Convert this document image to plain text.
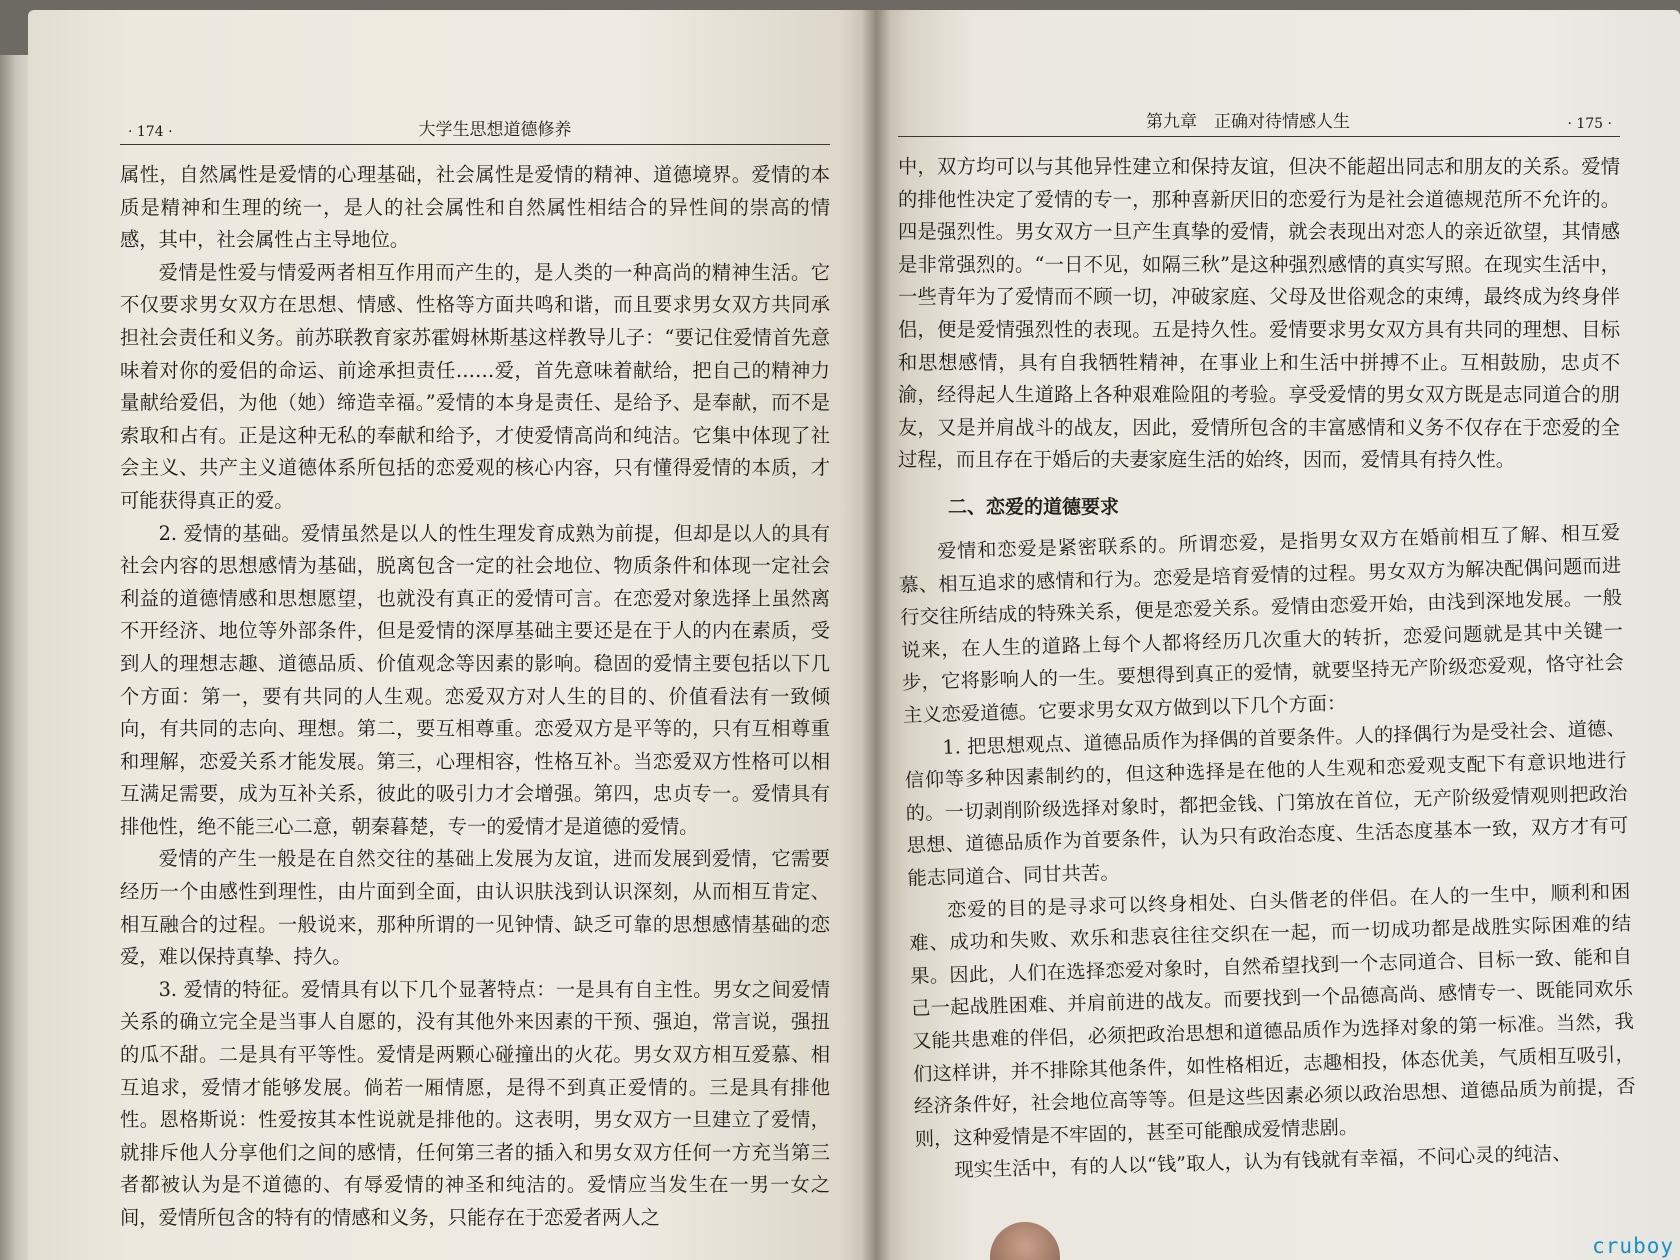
· 174 ·	大学生思想道德修养

属性，自然属性是爱情的心理基础，社会属性是爱情的精神、道德境界。爱情的本质是精神和生理的统一，是人的社会属性和自然属性相结合的异性间的崇高的情感，其中，社会属性占主导地位。

爱情是性爱与情爱两者相互作用而产生的，是人类的一种高尚的精神生活。它不仅要求男女双方在思想、情感、性格等方面共鸣和谐，而且要求男女双方共同承担社会责任和义务。前苏联教育家苏霍姆林斯基这样教导儿子：“要记住爱情首先意味着对你的爱侣的命运、前途承担责任……爱，首先意味着献给，把自己的精神力量献给爱侣，为他（她）缔造幸福。”爱情的本身是责任、是给予、是奉献，而不是索取和占有。正是这种无私的奉献和给予，才使爱情高尚和纯洁。它集中体现了社会主义、共产主义道德体系所包括的恋爱观的核心内容，只有懂得爱情的本质，才可能获得真正的爱。

2. 爱情的基础。爱情虽然是以人的性生理发育成熟为前提，但却是以人的具有社会内容的思想感情为基础，脱离包含一定的社会地位、物质条件和体现一定社会利益的道德情感和思想愿望，也就没有真正的爱情可言。在恋爱对象选择上虽然离不开经济、地位等外部条件，但是爱情的深厚基础主要还是在于人的内在素质，受到人的理想志趣、道德品质、价值观念等因素的影响。稳固的爱情主要包括以下几个方面：第一，要有共同的人生观。恋爱双方对人生的目的、价值看法有一致倾向，有共同的志向、理想。第二，要互相尊重。恋爱双方是平等的，只有互相尊重和理解，恋爱关系才能发展。第三，心理相容，性格互补。当恋爱双方性格可以相互满足需要，成为互补关系，彼此的吸引力才会增强。第四，忠贞专一。爱情具有排他性，绝不能三心二意，朝秦暮楚，专一的爱情才是道德的爱情。

爱情的产生一般是在自然交往的基础上发展为友谊，进而发展到爱情，它需要经历一个由感性到理性，由片面到全面，由认识肤浅到认识深刻，从而相互肯定、相互融合的过程。一般说来，那种所谓的一见钟情、缺乏可靠的思想感情基础的恋爱，难以保持真挚、持久。

3. 爱情的特征。爱情具有以下几个显著特点：一是具有自主性。男女之间爱情关系的确立完全是当事人自愿的，没有其他外来因素的干预、强迫，常言说，强扭的瓜不甜。二是具有平等性。爱情是两颗心碰撞出的火花。男女双方相互爱慕、相互追求，爱情才能够发展。倘若一厢情愿，是得不到真正爱情的。三是具有排他性。恩格斯说：性爱按其本性说就是排他的。这表明，男女双方一旦建立了爱情，就排斥他人分享他们之间的感情，任何第三者的插入和男女双方任何一方充当第三者都被认为是不道德的、有辱爱情的神圣和纯洁的。爱情应当发生在一男一女之间，爱情所包含的特有的情感和义务，只能存在于恋爱者两人之

第九章　正确对待情感人生	· 175 ·

中，双方均可以与其他异性建立和保持友谊，但决不能超出同志和朋友的关系。爱情的排他性决定了爱情的专一，那种喜新厌旧的恋爱行为是社会道德规范所不允许的。四是强烈性。男女双方一旦产生真挚的爱情，就会表现出对恋人的亲近欲望，其情感是非常强烈的。“一日不见，如隔三秋”是这种强烈感情的真实写照。在现实生活中，一些青年为了爱情而不顾一切，冲破家庭、父母及世俗观念的束缚，最终成为终身伴侣，便是爱情强烈性的表现。五是持久性。爱情要求男女双方具有共同的理想、目标和思想感情，具有自我牺牲精神，在事业上和生活中拼搏不止。互相鼓励，忠贞不渝，经得起人生道路上各种艰难险阻的考验。享受爱情的男女双方既是志同道合的朋友，又是并肩战斗的战友，因此，爱情所包含的丰富感情和义务不仅存在于恋爱的全过程，而且存在于婚后的夫妻家庭生活的始终，因而，爱情具有持久性。

二、恋爱的道德要求

爱情和恋爱是紧密联系的。所谓恋爱，是指男女双方在婚前相互了解、相互爱慕、相互追求的感情和行为。恋爱是培育爱情的过程。男女双方为解决配偶问题而进行交往所结成的特殊关系，便是恋爱关系。爱情由恋爱开始，由浅到深地发展。一般说来，在人生的道路上每个人都将经历几次重大的转折，恋爱问题就是其中关键一步，它将影响人的一生。要想得到真正的爱情，就要坚持无产阶级恋爱观，恪守社会主义恋爱道德。它要求男女双方做到以下几个方面：

1. 把思想观点、道德品质作为择偶的首要条件。人的择偶行为是受社会、道德、信仰等多种因素制约的，但这种选择是在他的人生观和恋爱观支配下有意识地进行的。一切剥削阶级选择对象时，都把金钱、门第放在首位，无产阶级爱情观则把政治思想、道德品质作为首要条件，认为只有政治态度、生活态度基本一致，双方才有可能志同道合、同甘共苦。

恋爱的目的是寻求可以终身相处、白头偕老的伴侣。在人的一生中，顺利和困难、成功和失败、欢乐和悲哀往往交织在一起，而一切成功都是战胜实际困难的结果。因此，人们在选择恋爱对象时，自然希望找到一个志同道合、目标一致、能和自己一起战胜困难、并肩前进的战友。而要找到一个品德高尚、感情专一、既能同欢乐又能共患难的伴侣，必须把政治思想和道德品质作为选择对象的第一标准。当然，我们这样讲，并不排除其他条件，如性格相近，志趣相投，体态优美，气质相互吸引，经济条件好，社会地位高等等。但是这些因素必须以政治思想、道德品质为前提，否则，这种爱情是不牢固的，甚至可能酿成爱情悲剧。

现实生活中，有的人以“钱”取人，认为有钱就有幸福，不问心灵的纯洁、

cruboy
